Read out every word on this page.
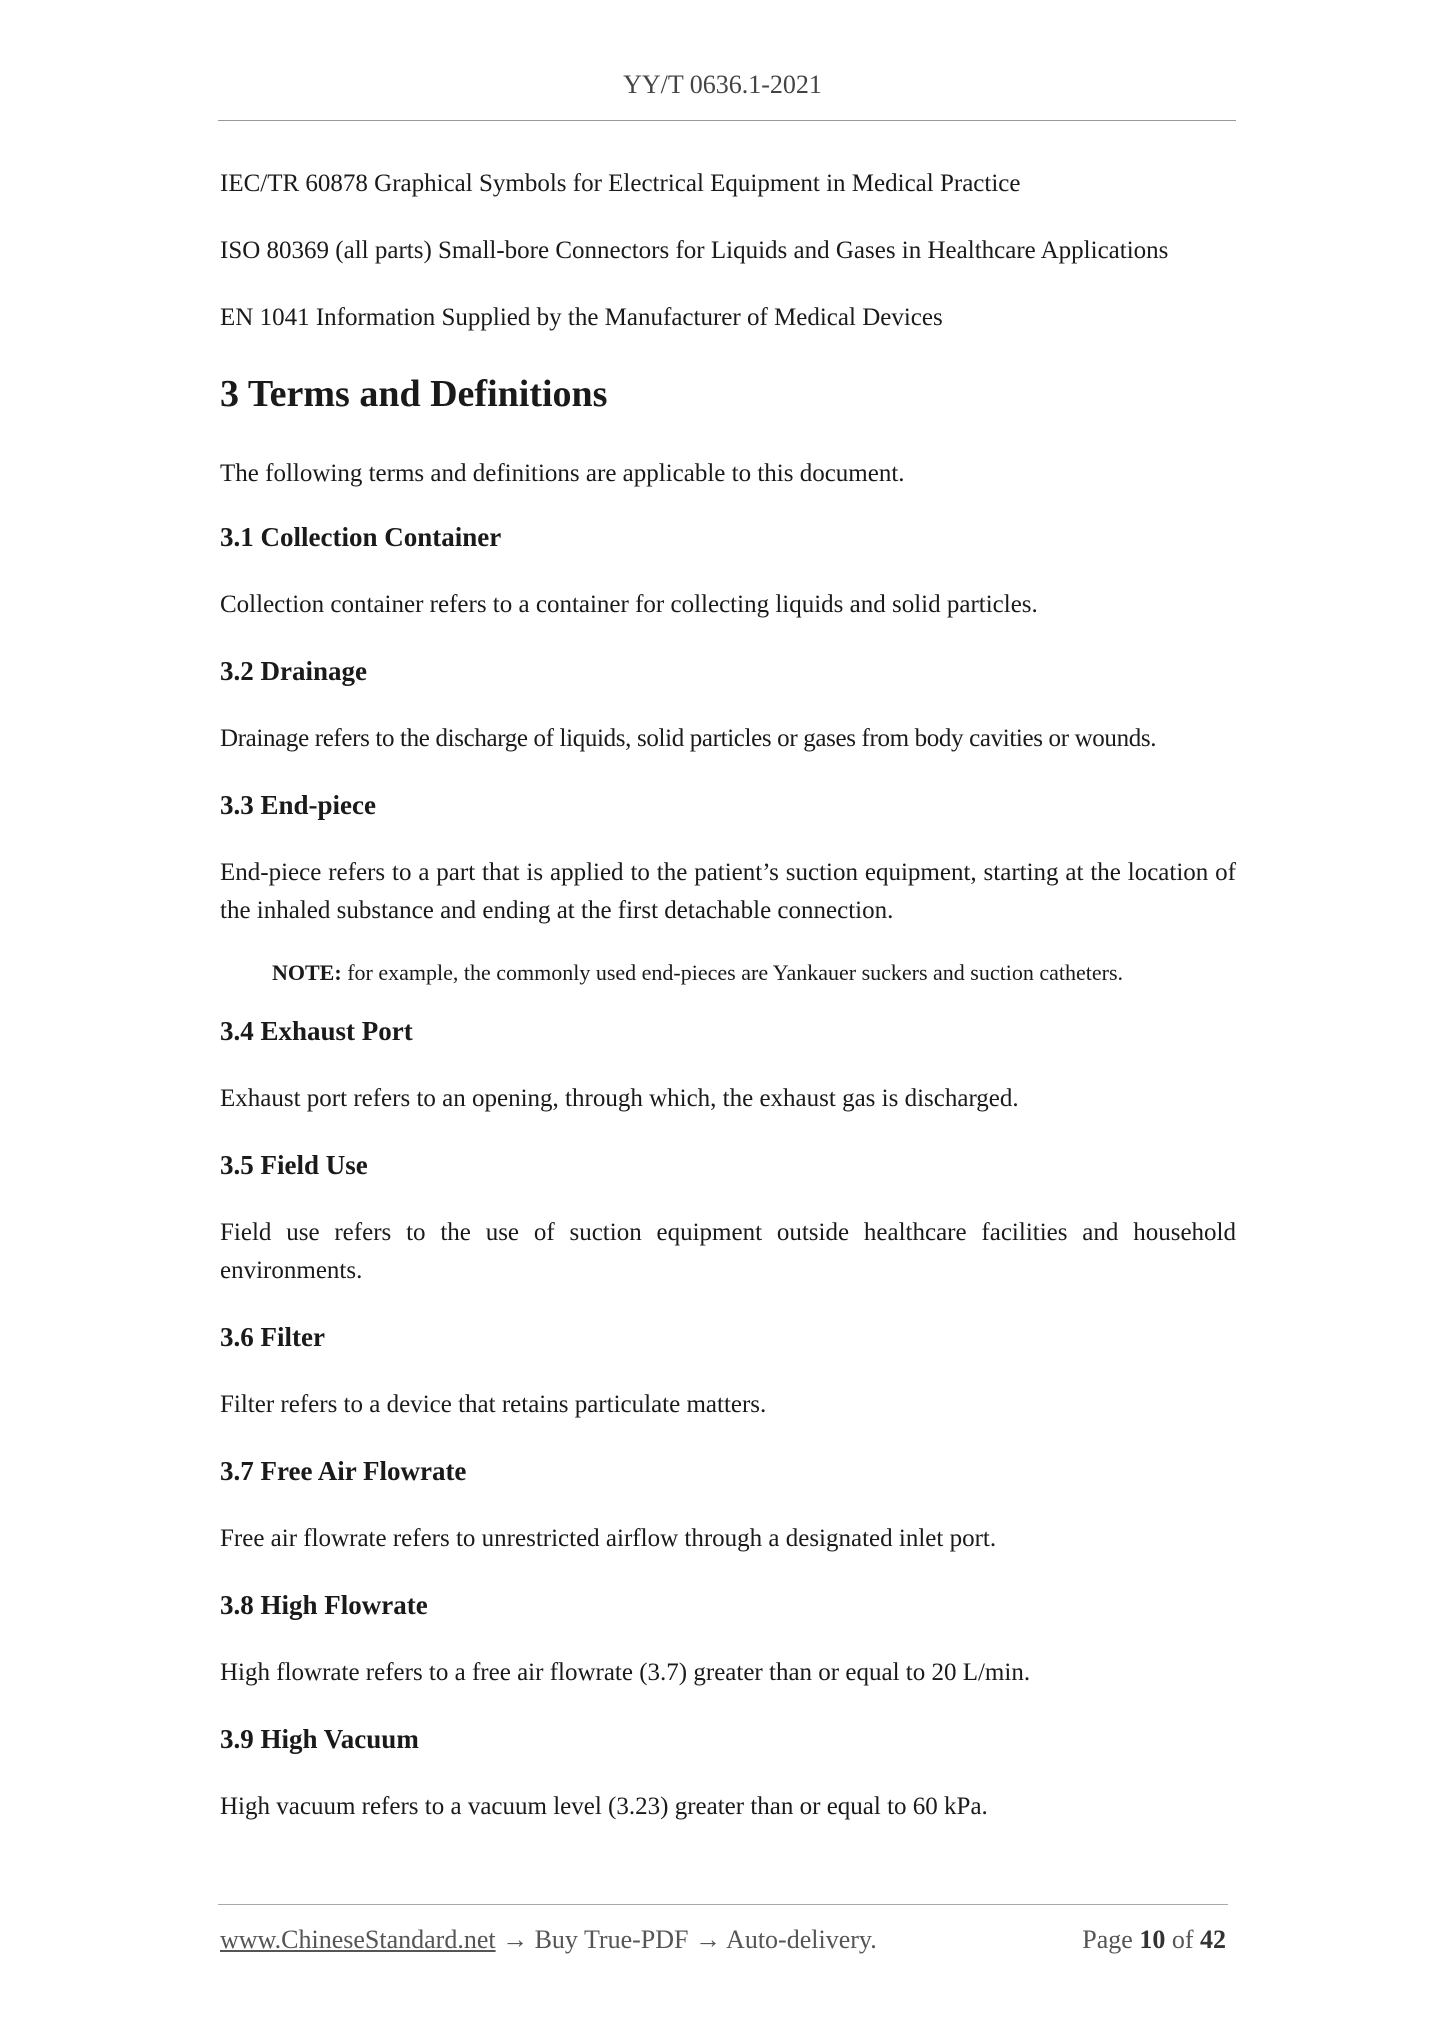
YY/T 0636.1-2021
IEC/TR 60878 Graphical Symbols for Electrical Equipment in Medical Practice
ISO 80369 (all parts) Small-bore Connectors for Liquids and Gases in Healthcare Applications
EN 1041 Information Supplied by the Manufacturer of Medical Devices
3 Terms and Definitions
The following terms and definitions are applicable to this document.
3.1 Collection Container
Collection container refers to a container for collecting liquids and solid particles.
3.2 Drainage
Drainage refers to the discharge of liquids, solid particles or gases from body cavities or wounds.
3.3 End-piece
End-piece refers to a part that is applied to the patient’s suction equipment, starting at the location of the inhaled substance and ending at the first detachable connection.
NOTE: for example, the commonly used end-pieces are Yankauer suckers and suction catheters.
3.4 Exhaust Port
Exhaust port refers to an opening, through which, the exhaust gas is discharged.
3.5 Field Use
Field use refers to the use of suction equipment outside healthcare facilities and household environments.
3.6 Filter
Filter refers to a device that retains particulate matters.
3.7 Free Air Flowrate
Free air flowrate refers to unrestricted airflow through a designated inlet port.
3.8 High Flowrate
High flowrate refers to a free air flowrate (3.7) greater than or equal to 20 L/min.
3.9 High Vacuum
High vacuum refers to a vacuum level (3.23) greater than or equal to 60 kPa.
www.ChineseStandard.net → Buy True-PDF → Auto-delivery.	Page 10 of 42
